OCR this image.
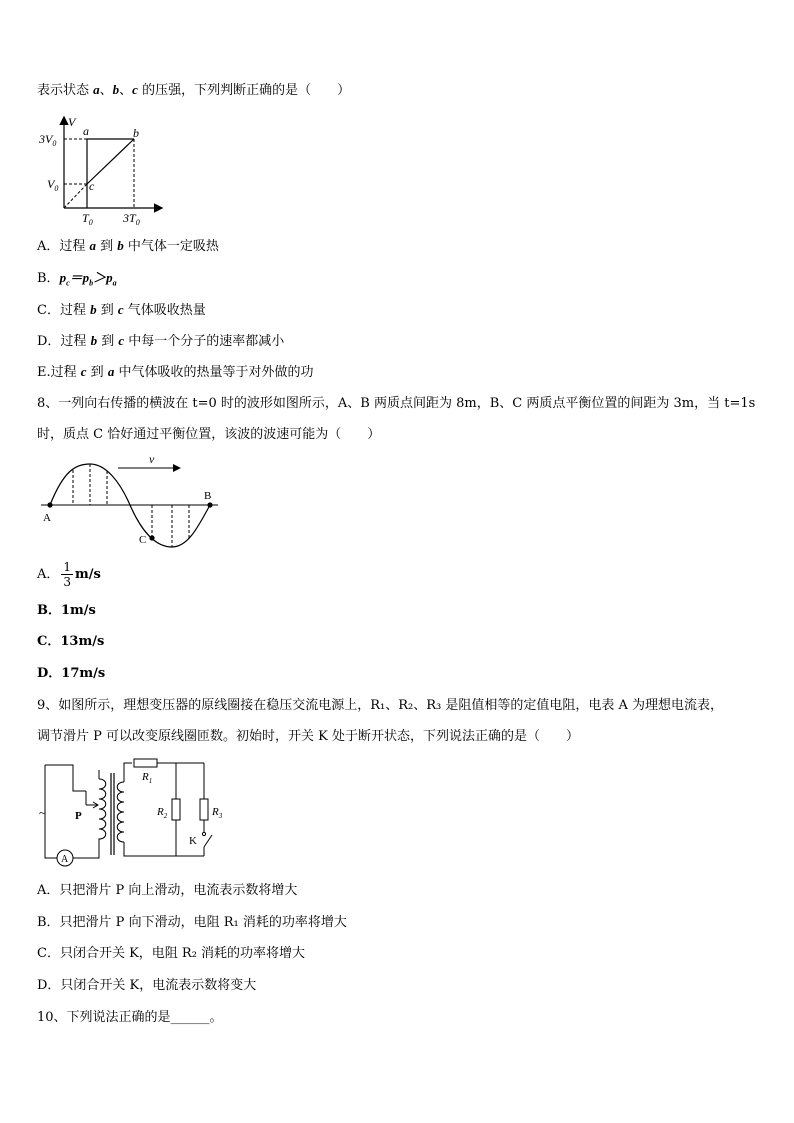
表示状态 a、b、c 的压强，下列判断正确的是（　　）
V
$3V_0$
$V_0$
$T_0$	$3T_0$
a	b
c
A．过程 a 到 b 中气体一定吸热
B．$p_c=p_b>p_a$
C．过程 b 到 c 气体吸收热量
D．过程 b 到 c 中每一个分子的速率都减小
E.过程 c 到 a 中气体吸收的热量等于对外做的功
8、一列向右传播的横波在 t=0 时的波形如图所示，A、B 两质点间距为 8m，B、C 两质点平衡位置的间距为 3m，当 t=1s
时，质点 C 恰好通过平衡位置，该波的波速可能为（　　）
v
A
B
C
A． $\frac{1}{3} m/s$
B．1m/s
C．13m/s
D．17m/s
9、如图所示，理想变压器的原线圈接在稳压交流电源上，R₁、R₂、R₃ 是阻值相等的定值电阻，电表 A 为理想电流表，
调节滑片 P 可以改变原线圈匝数。初始时，开关 K 处于断开状态，下列说法正确的是（　　）
A
~	P
$R_1$
$R_2$	$R_3$
K
A．只把滑片 P 向上滑动，电流表示数将增大
B．只把滑片 P 向下滑动，电阻 R₁ 消耗的功率将增大
C．只闭合开关 K，电阻 R₂ 消耗的功率将增大
D．只闭合开关 K，电流表示数将变大
10、下列说法正确的是______。
